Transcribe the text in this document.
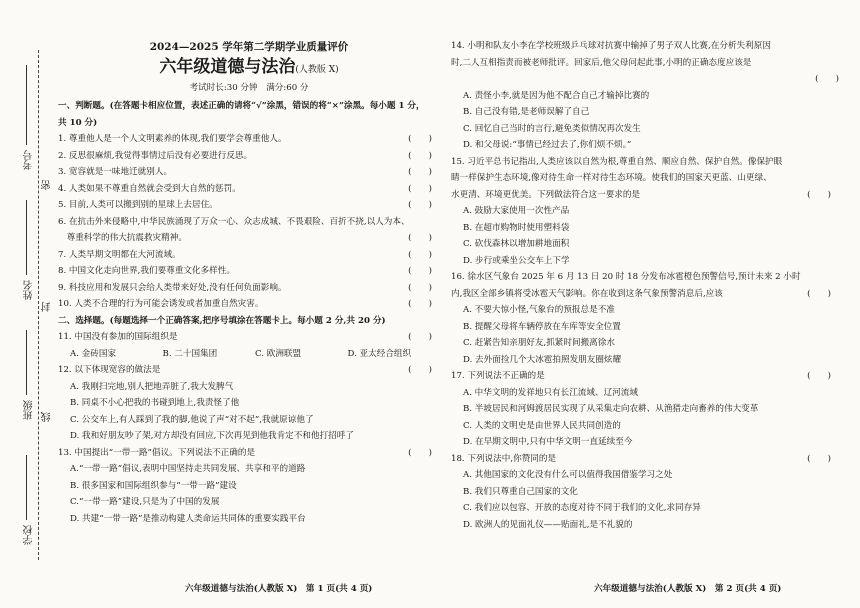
考号
密
姓名
封
班级 线
学校
2024—2025 学年第二学期学业质量评价
六年级道德与法治(人教版 X)
考试时长:30 分钟　满分:60 分
一、判断题。(在答题卡相应位置，表述正确的请将“√”涂黑，错误的将“×”涂黑。每小题 1 分，
共 10 分)
1. 尊重他人是一个人文明素养的体现,我们要学会尊重他人。	(　　)
2. 反思很麻烦,我觉得事情过后没有必要进行反思。	(　　)
3. 宽容就是一味地迁就别人。	(　　)
4. 人类如果不尊重自然就会受到大自然的惩罚。	(　　)
5. 目前,人类可以搬到别的星球上去居住。	(　　)
6. 在抗击外来侵略中,中华民族涌现了万众一心、众志成城、不畏艰险、百折不挠,以人为本、
　尊重科学的伟大抗震救灾精神。	(　　)
7. 人类早期文明都在大河流域。	(　　)
8. 中国文化走向世界,我们要尊重文化多样性。	(　　)
9. 科技应用和发展只会给人类带来好处,没有任何负面影响。	(　　)
10. 人类不合理的行为可能会诱发或者加重自然灾害。	(　　)
二、选择题。(每题选择一个正确答案,把序号填涂在答题卡上。每小题 2 分,共 20 分)
11. 中国没有参加的国际组织是	(　　)
A. 金砖国家	B. 二十国集团	C. 欧洲联盟	D. 亚太经合组织
12. 以下体现宽容的做法是	(　　)
A. 我刚扫完地,别人把地弄脏了,我大发脾气
B. 同桌不小心把我的书碰到地上,我责怪了他
C. 公交车上,有人踩到了我的脚,他说了声“对不起”,我就原谅他了
D. 我和好朋友吵了架,对方却没有回应,下次再见到他我肯定不和他打招呼了
13. 中国提出“一带一路”倡议。下列说法不正确的是	(　　)
A.“一带一路”倡议,表明中国坚持走共同发展、共享和平的道路
B. 很多国家和国际组织参与“一带一路”建设
C.“一带一路”建设,只是为了中国的发展
D. 共建“一带一路”是推动构建人类命运共同体的重要实践平台
14. 小明和队友小李在学校班级乒乓球对抗赛中输掉了男子双人比赛,在分析失利原因
时,二人互相指责而被老师批评。回家后,他父母问起此事,小明的正确态度应该是
(　　)
A. 责怪小李,就是因为他不配合自己才输掉比赛的
B. 自己没有错,是老师误解了自己
C. 回忆自己当时的言行,避免类似情况再次发生
D. 和父母说:“事情已经过去了,你们烦不烦。”
15. 习近平总书记指出,人类应该以自然为根,尊重自然、顺应自然、保护自然。像保护眼
睛一样保护生态环境,像对待生命一样对待生态环境。使我们的国家天更蓝、山更绿、
水更清、环境更优美。下列做法符合这一要求的是	(　　)
A. 鼓励大家使用一次性产品
B. 在超市购物时使用塑料袋
C. 砍伐森林以增加耕地面积
D. 步行或乘坐公交车上下学
16. 徐水区气象台 2025 年 6 月 13 日 20 时 18 分发布冰雹橙色预警信号,预计未来 2 小时
内,我区全部乡镇将受冰雹天气影响。你在收到这条气象预警消息后,应该	(　　)
A. 不要大惊小怪,气象台的预报总是不准
B. 提醒父母将车辆停放在车库等安全位置
C. 赶紧告知亲朋好友,抓紧时间搬离徐水
D. 去外面捡几个大冰雹拍照发朋友圈炫耀
17. 下列说法不正确的是	(　　)
A. 中华文明的发祥地只有长江流域、辽河流域
B. 半坡居民和河姆渡居民实现了从采集走向农耕、从渔猎走向畜养的伟大变革
C. 人类的文明史是由世界人民共同创造的
D. 在早期文明中,只有中华文明一直延续至今
18. 下列说法中,你赞同的是	(　　)
A. 其他国家的文化没有什么可以值得我国借鉴学习之处
B. 我们只尊重自己国家的文化
C. 我们应以包容、开放的态度对待不同于我们的文化,求同存异
D. 欧洲人的见面礼仪——贴面礼,是不礼貌的
六年级道德与法治(人教版 X)　第 1 页(共 4 页)	六年级道德与法治(人教版 X)　第 2 页(共 4 页)
